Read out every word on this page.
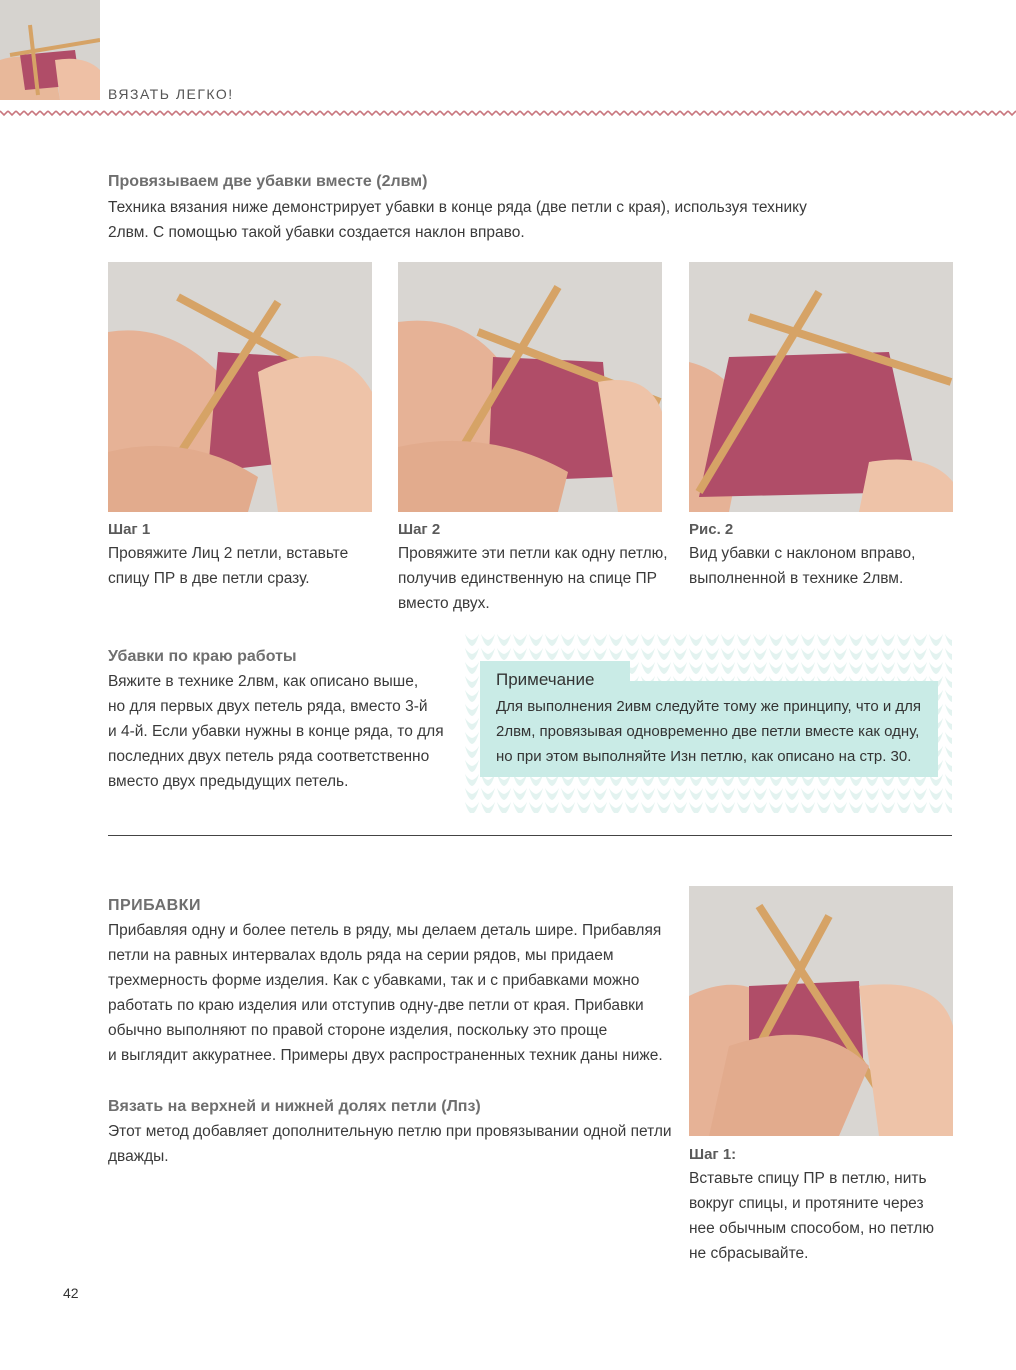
ВЯЗАТЬ ЛЕГКО!
Провязываем две убавки вместе (2лвм)
Техника вязания ниже демонстрирует убавки в конце ряда (две петли с края), используя технику
2лвм. С помощью такой убавки создается наклон вправо.
Шаг 1
Провяжите Лиц 2 петли, вставьте
спицу ПР в две петли сразу.
Шаг 2
Провяжите эти петли как одну петлю,
получив единственную на спице ПР
вместо двух.
Рис. 2
Вид убавки с наклоном вправо,
выполненной в технике 2лвм.
Убавки по краю работы
Вяжите в технике 2лвм, как описано выше,
но для первых двух петель ряда, вместо 3-й
и 4-й. Если убавки нужны в конце ряда, то для
последних двух петель ряда соответственно
вместо двух предыдущих петель.
Примечание
Для выполнения 2ивм следуйте тому же принципу, что и для
2лвм, провязывая одновременно две петли вместе как одну,
но при этом выполняйте Изн петлю, как описано на стр. 30.
ПРИБАВКИ
Прибавляя одну и более петель в ряду, мы делаем деталь шире. Прибавляя
петли на равных интервалах вдоль ряда на серии рядов, мы придаем
трехмерность форме изделия. Как с убавками, так и с прибавками можно
работать по краю изделия или отступив одну-две петли от края. Прибавки
обычно выполняют по правой стороне изделия, поскольку это проще
и выглядит аккуратнее. Примеры двух распространенных техник даны ниже.
Вязать на верхней и нижней долях петли (Лпз)
Этот метод добавляет дополнительную петлю при провязывании одной петли
дважды.	Шаг 1:
Вставьте спицу ПР в петлю, нить
вокруг спицы, и протяните через
нее обычным способом, но петлю
не сбрасывайте.
42
